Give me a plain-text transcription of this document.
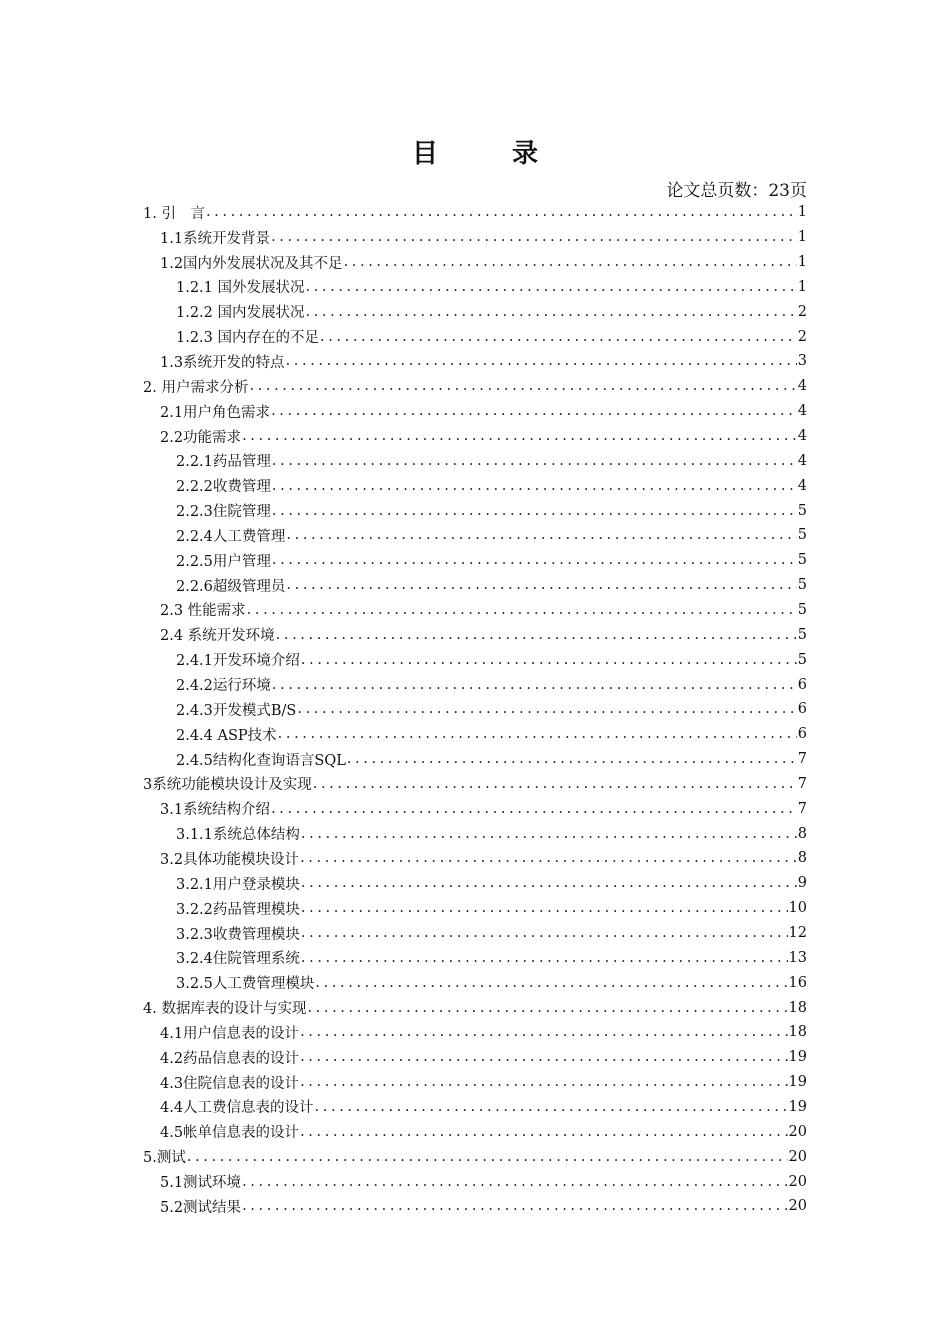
目　录
论文总页数：23页
1. 引　言 .....	1
1.1系统开发背景 .....	1
1.2国内外发展状况及其不足 .....	1
1.2.1 国外发展状况 .....	1
1.2.2 国内发展状况 .....	2
1.2.3 国内存在的不足 .....	2
1.3系统开发的特点 .....	3
2. 用户需求分析 .....	4
2.1用户角色需求 .....	4
2.2功能需求 .....	4
2.2.1药品管理 .....	4
2.2.2收费管理 .....	4
2.2.3住院管理 .....	5
2.2.4人工费管理 .....	5
2.2.5用户管理 .....	5
2.2.6超级管理员 .....	5
2.3 性能需求 .....	5
2.4 系统开发环境 .....	5
2.4.1开发环境介绍 .....	5
2.4.2运行环境 .....	6
2.4.3开发模式B/S .....	6
2.4.4 ASP技术 .....	6
2.4.5结构化查询语言SQL .....	7
3系统功能模块设计及实现 .....	7
3.1系统结构介绍 .....	7
3.1.1系统总体结构 .....	8
3.2具体功能模块设计 .....	8
3.2.1用户登录模块 .....	9
3.2.2药品管理模块 .....	10
3.2.3收费管理模块 .....	12
3.2.4住院管理系统 .....	13
3.2.5人工费管理模块 .....	16
4. 数据库表的设计与实现 .....	18
4.1用户信息表的设计 .....	18
4.2药品信息表的设计 .....	19
4.3住院信息表的设计 .....	19
4.4人工费信息表的设计 .....	19
4.5帐单信息表的设计 .....	20
5.测试 .....	20
5.1测试环境 .....	20
5.2测试结果 .....	20
